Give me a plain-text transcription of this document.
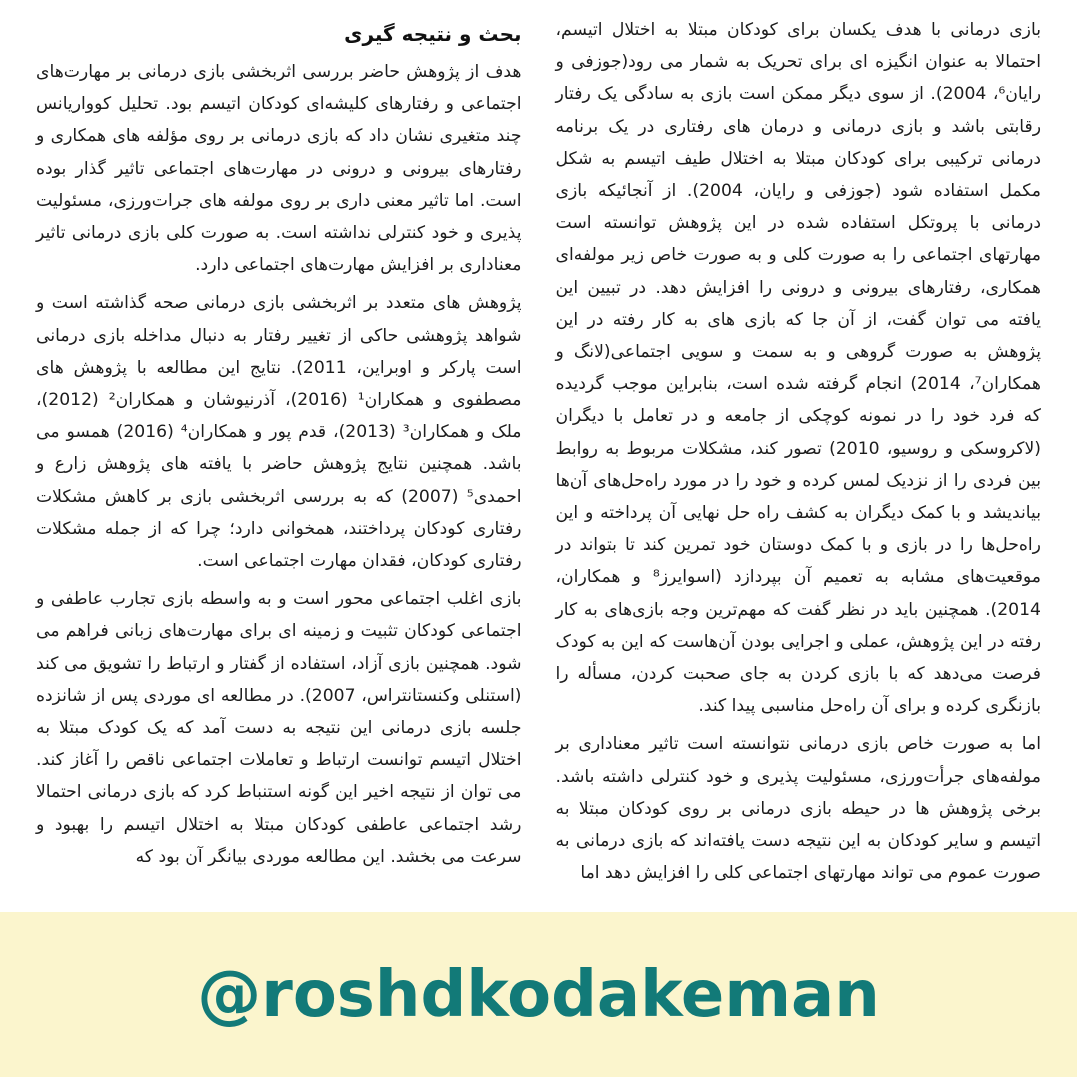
بحث و نتیجه گیری

هدف از پژوهش حاضر بررسی اثربخشی بازی درمانی بر مهارت‌های اجتماعی و رفتارهای کلیشه‌ای کودکان اتیسم بود. تحلیل کوواریانس چند متغیری نشان داد که بازی درمانی بر روی مؤلفه های همکاری و رفتارهای بیرونی و درونی در مهارت‌های اجتماعی تاثیر گذار بوده است. اما تاثیر معنی داری بر روی مولفه های جرات‌ورزی، مسئولیت پذیری و خود کنترلی نداشته است. به صورت کلی بازی درمانی تاثیر معناداری بر افزایش مهارت‌های اجتماعی دارد.

پژوهش های متعدد بر اثربخشی بازی درمانی صحه گذاشته است و شواهد پژوهشی حاکی از تغییر رفتار به دنبال مداخله بازی درمانی است پارکر و اوبراین، 2011). نتایج این مطالعه با پژوهش های مصطفوی و همکاران¹ (2016)، آذرنیوشان و همکاران² (2012)، ملک و همکاران³ (2013)، قدم پور و همکاران⁴ (2016) همسو می باشد. همچنین نتایج پژوهش حاضر با یافته های پژوهش زارع و احمدی⁵ (2007) که به بررسی اثربخشی بازی بر کاهش مشکلات رفتاری کودکان پرداختند، همخوانی دارد؛ چرا که از جمله مشکلات رفتاری کودکان، فقدان مهارت اجتماعی است.

بازی اغلب اجتماعی محور است و به واسطه بازی تجارب عاطفی و اجتماعی کودکان تثبیت و زمینه ای برای مهارت‌های زبانی فراهم می شود. همچنین بازی آزاد، استفاده از گفتار و ارتباط را تشویق می کند (استنلی وکنستانتراس، 2007). در مطالعه ای موردی پس از شانزده جلسه بازی درمانی این نتیجه به دست آمد که یک کودک مبتلا به اختلال اتیسم توانست ارتباط و تعاملات اجتماعی ناقص را آغاز کند. می توان از نتیجه اخیر این گونه استنباط کرد که بازی درمانی احتمالا رشد اجتماعی عاطفی کودکان مبتلا به اختلال اتیسم را بهبود و سرعت می بخشد. این مطالعه موردی بیانگر آن بود که

بازی درمانی با هدف یکسان برای کودکان مبتلا به اختلال اتیسم، احتمالا به عنوان انگیزه ای برای تحریک به شمار می رود(جوزفی و رایان⁶، 2004). از سوی دیگر ممکن است بازی به سادگی یک رفتار رقابتی باشد و بازی درمانی و درمان های رفتاری در یک برنامه درمانی ترکیبی برای کودکان مبتلا به اختلال طیف اتیسم به شکل مکمل استفاده شود (جوزفی و رایان، 2004). از آنجائیکه بازی درمانی با پروتکل استفاده شده در این پژوهش توانسته است مهارتهای اجتماعی را به صورت کلی و به صورت خاص زیر مولفه‌ای همکاری، رفتارهای بیرونی و درونی را افزایش دهد. در تبیین این یافته می توان گفت، از آن جا که بازی های به کار رفته در این پژوهش به صورت گروهی و به سمت و سویی اجتماعی(لانگ و همکاران⁷، 2014) انجام گرفته شده است، بنابراین موجب گردیده که فرد خود را در نمونه کوچکی از جامعه و در تعامل با دیگران (لاکروسکی و روسیو، 2010) تصور کند، مشکلات مربوط به روابط بین فردی را از نزدیک لمس کرده و خود را در مورد راه‌حل‌های آن‌ها بیاندیشد و با کمک دیگران به کشف راه حل نهایی آن پرداخته و این راه‌حل‌ها را در بازی و با کمک دوستان خود تمرین کند تا بتواند در موقعیت‌های مشابه به تعمیم آن بپردازد (اسوایرز⁸ و همکاران، 2014). همچنین باید در نظر گفت که مهم‌ترین وجه بازی‌های به کار رفته در این پژوهش، عملی و اجرایی بودن آن‌هاست که این به کودک فرصت می‌دهد که با بازی کردن به جای صحبت کردن، مسأله را بازنگری کرده و برای آن راه‌حل مناسبی پیدا کند.

اما به صورت خاص بازی درمانی نتوانسته است تاثیر معناداری بر مولفه‌های جرأت‌ورزی، مسئولیت پذیری و خود کنترلی داشته باشد. برخی پژوهش ها در حیطه بازی درمانی بر روی کودکان مبتلا به اتیسم و سایر کودکان به این نتیجه دست یافته‌اند که بازی درمانی به صورت عموم می تواند مهارتهای اجتماعی کلی را افزایش دهد اما

@roshdkodakeman
